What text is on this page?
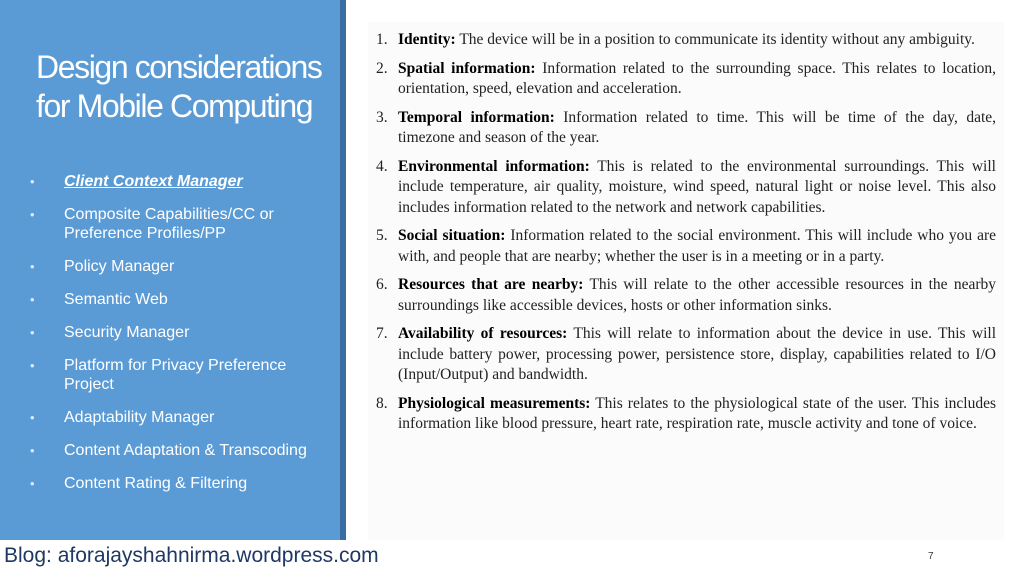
Design considerations for Mobile Computing
• Client Context Manager
• Composite Capabilities/CC or Preference Profiles/PP
• Policy Manager
• Semantic Web
• Security Manager
• Platform for Privacy Preference Project
• Adaptability Manager
• Content Adaptation & Transcoding
• Content Rating & Filtering
1. Identity: The device will be in a position to communicate its identity without any ambiguity.
2. Spatial information: Information related to the surrounding space. This relates to location, orientation, speed, elevation and acceleration.
3. Temporal information: Information related to time. This will be time of the day, date, timezone and season of the year.
4. Environmental information: This is related to the environmental surroundings. This will include temperature, air quality, moisture, wind speed, natural light or noise level. This also includes information related to the network and network capabilities.
5. Social situation: Information related to the social environment. This will include who you are with, and people that are nearby; whether the user is in a meeting or in a party.
6. Resources that are nearby: This will relate to the other accessible resources in the nearby surroundings like accessible devices, hosts or other information sinks.
7. Availability of resources: This will relate to information about the device in use. This will include battery power, processing power, persistence store, display, capabilities related to I/O (Input/Output) and bandwidth.
8. Physiological measurements: This relates to the physiological state of the user. This includes information like blood pressure, heart rate, respiration rate, muscle activity and tone of voice.
Blog: aforajayshahnirma.wordpress.com	7
